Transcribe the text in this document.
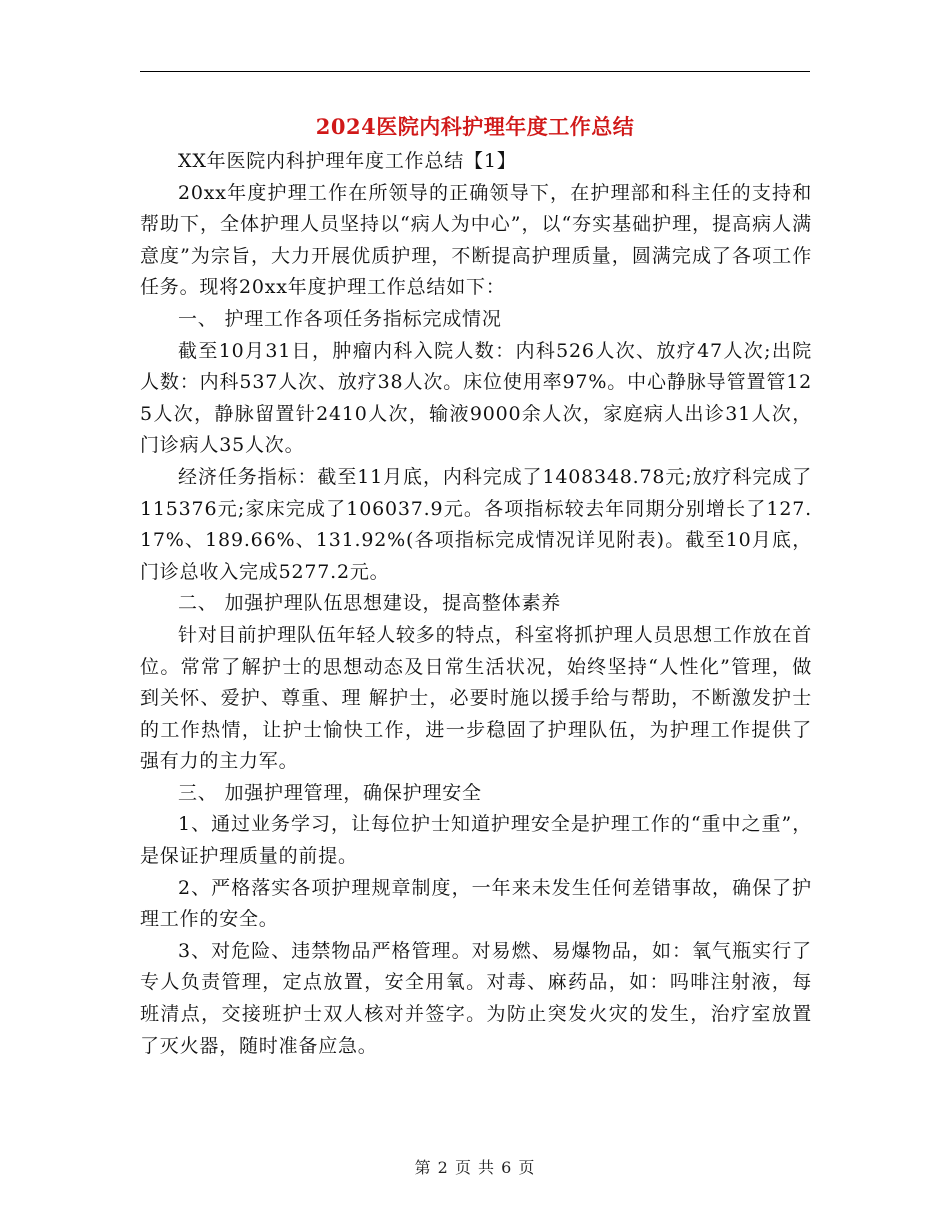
2024医院内科护理年度工作总结

XX年医院内科护理年度工作总结【1】

20xx年度护理工作在所领导的正确领导下，在护理部和科主任的支持和帮助下，全体护理人员坚持以“病人为中心”，以“夯实基础护理，提高病人满意度”为宗旨，大力开展优质护理，不断提高护理质量，圆满完成了各项工作任务。现将20xx年度护理工作总结如下：

一、 护理工作各项任务指标完成情况

截至10月31日，肿瘤内科入院人数：内科526人次、放疗47人次;出院人数：内科537人次、放疗38人次。床位使用率97%。中心静脉导管置管125人次，静脉留置针2410人次，输液9000余人次，家庭病人出诊31人次，门诊病人35人次。

经济任务指标：截至11月底，内科完成了1408348.78元;放疗科完成了115376元;家床完成了106037.9元。各项指标较去年同期分别增长了127.17%、189.66%、131.92%(各项指标完成情况详见附表)。截至10月底，门诊总收入完成5277.2元。

二、 加强护理队伍思想建设，提高整体素养

针对目前护理队伍年轻人较多的特点，科室将抓护理人员思想工作放在首位。常常了解护士的思想动态及日常生活状况，始终坚持“人性化”管理，做到关怀、爱护、尊重、理 解护士，必要时施以援手给与帮助，不断激发护士的工作热情，让护士愉快工作，进一步稳固了护理队伍，为护理工作提供了强有力的主力军。

三、 加强护理管理，确保护理安全

1、通过业务学习，让每位护士知道护理安全是护理工作的“重中之重”，是保证护理质量的前提。

2、严格落实各项护理规章制度，一年来未发生任何差错事故，确保了护理工作的安全。

3、对危险、违禁物品严格管理。对易燃、易爆物品，如：氧气瓶实行了专人负责管理，定点放置，安全用氧。对毒、麻药品，如：吗啡注射液，每班清点，交接班护士双人核对并签字。为防止突发火灾的发生，治疗室放置了灭火器，随时准备应急。

第 2 页 共 6 页
